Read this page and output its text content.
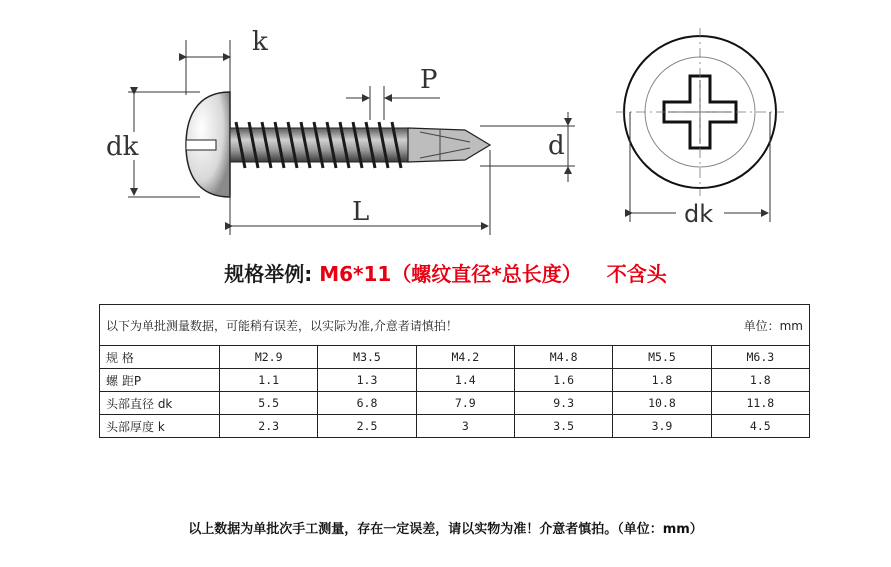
k
dk
P
d
L	dk
规格举例: M6*11（螺纹直径*总长度） 不含头
以下为单批测量数据，可能稍有误差，以实际为准,介意者请慎拍！ 单位：mm						

规 格	M2.9	M3.5	M4.2	M4.8	M5.5	M6.3
螺 距P	1.1	1.3	1.4	1.6	1.8	1.8
头部直径 dk	5.5	6.8	7.9	9.3	10.8	11.8
头部厚度 k	2.3	2.5	3	3.5	3.9	4.5
以上数据为单批次手工测量，存在一定误差，请以实物为准！介意者慎拍。（单位：mm）
